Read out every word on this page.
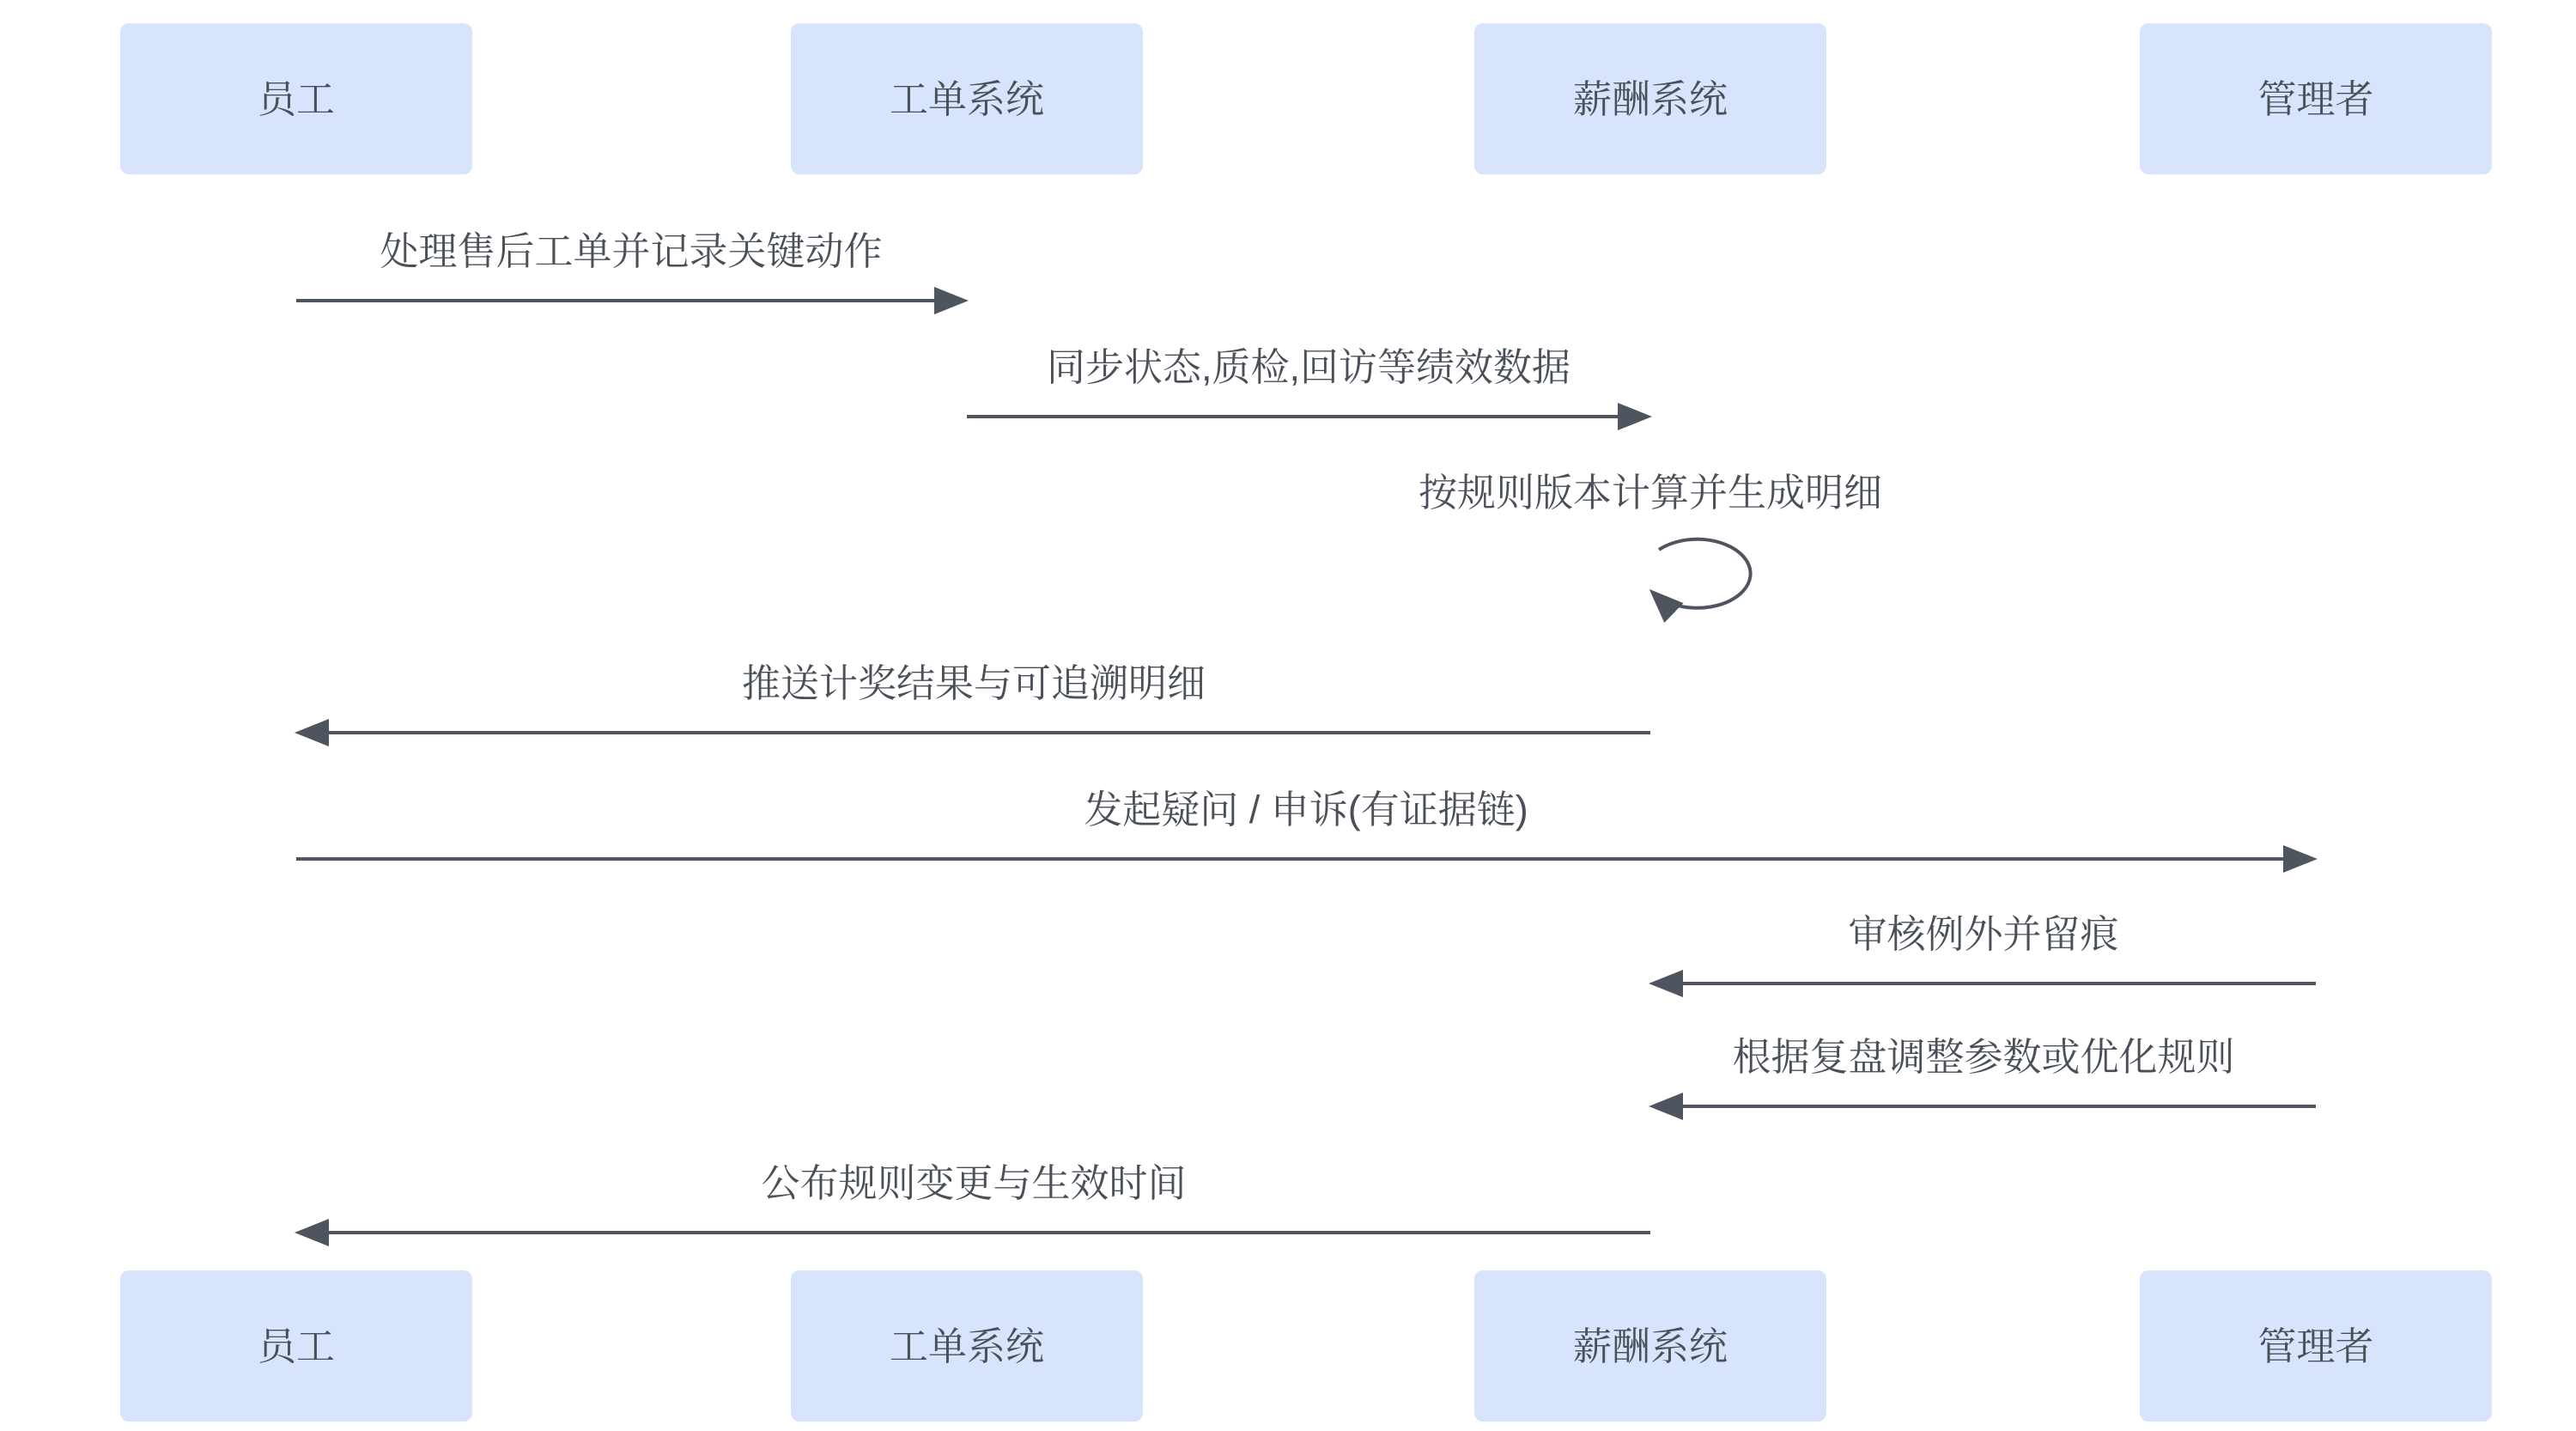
员工	工单系统	薪酬系统	管理者
处理售后工单并记录关键动作
同步状态,质检,回访等绩效数据
按规则版本计算并生成明细
推送计奖结果与可追溯明细
发起疑问 / 申诉(有证据链)
审核例外并留痕
根据复盘调整参数或优化规则
公布规则变更与生效时间
员工	工单系统	薪酬系统	管理者
